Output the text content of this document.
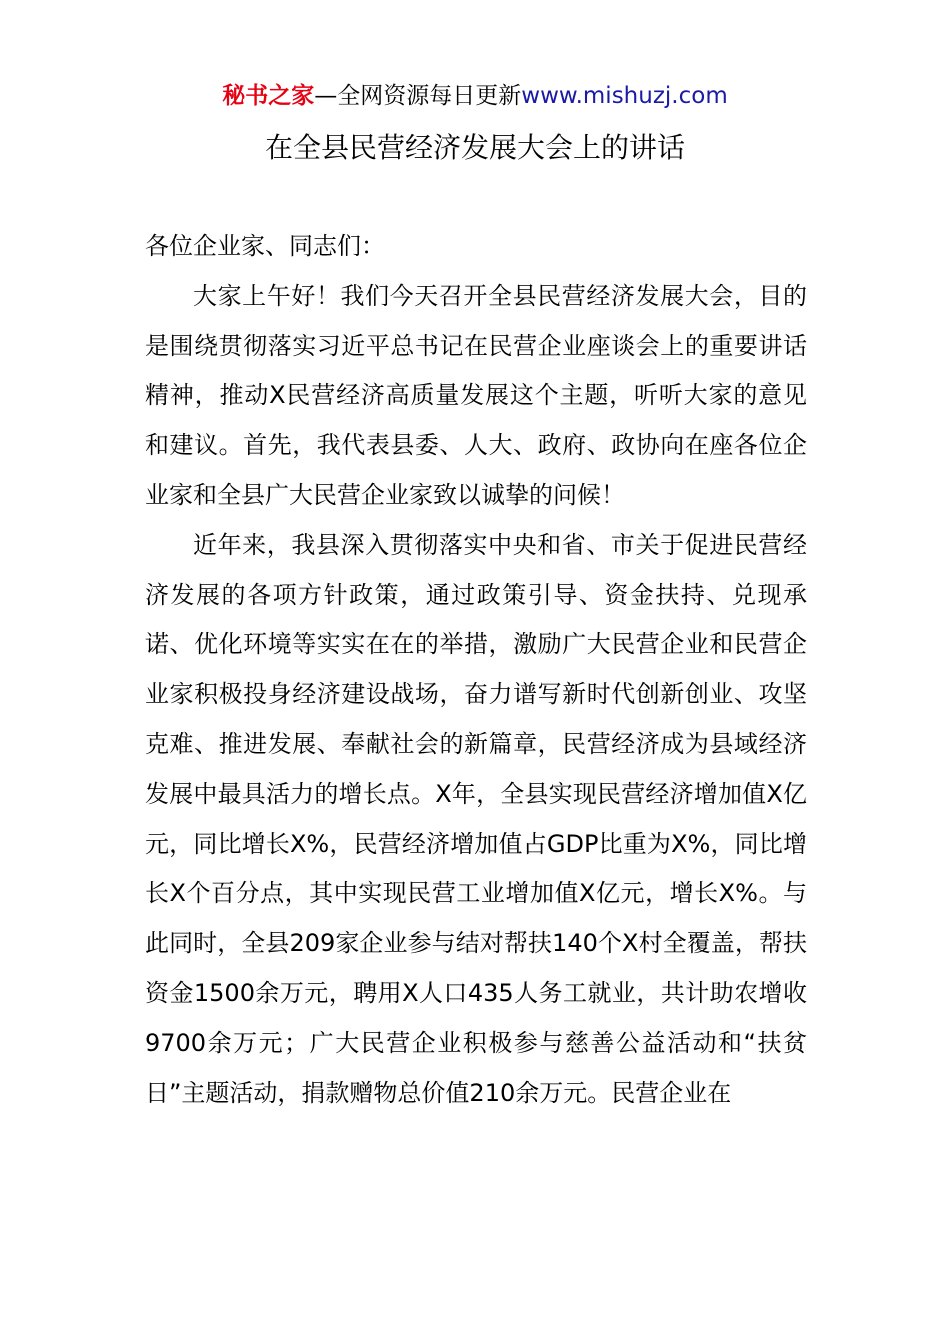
秘书之家—全网资源每日更新www.mishuzj.com
在全县民营经济发展大会上的讲话

各位企业家、同志们：

大家上午好！我们今天召开全县民营经济发展大会，目的是围绕贯彻落实习近平总书记在民营企业座谈会上的重要讲话精神，推动X民营经济高质量发展这个主题，听听大家的意见和建议。首先，我代表县委、人大、政府、政协向在座各位企业家和全县广大民营企业家致以诚挚的问候！

近年来，我县深入贯彻落实中央和省、市关于促进民营经济发展的各项方针政策，通过政策引导、资金扶持、兑现承诺、优化环境等实实在在的举措，激励广大民营企业和民营企业家积极投身经济建设战场，奋力谱写新时代创新创业、攻坚克难、推进发展、奉献社会的新篇章，民营经济成为县域经济发展中最具活力的增长点。X年，全县实现民营经济增加值X亿元，同比增长X%，民营经济增加值占GDP比重为X%，同比增长X个百分点，其中实现民营工业增加值X亿元，增长X%。与此同时，全县209家企业参与结对帮扶140个X村全覆盖，帮扶资金1500余万元，聘用X人口435人务工就业，共计助农增收9700余万元；广大民营企业积极参与慈善公益活动和“扶贫日”主题活动，捐款赠物总价值210余万元。民营企业在
